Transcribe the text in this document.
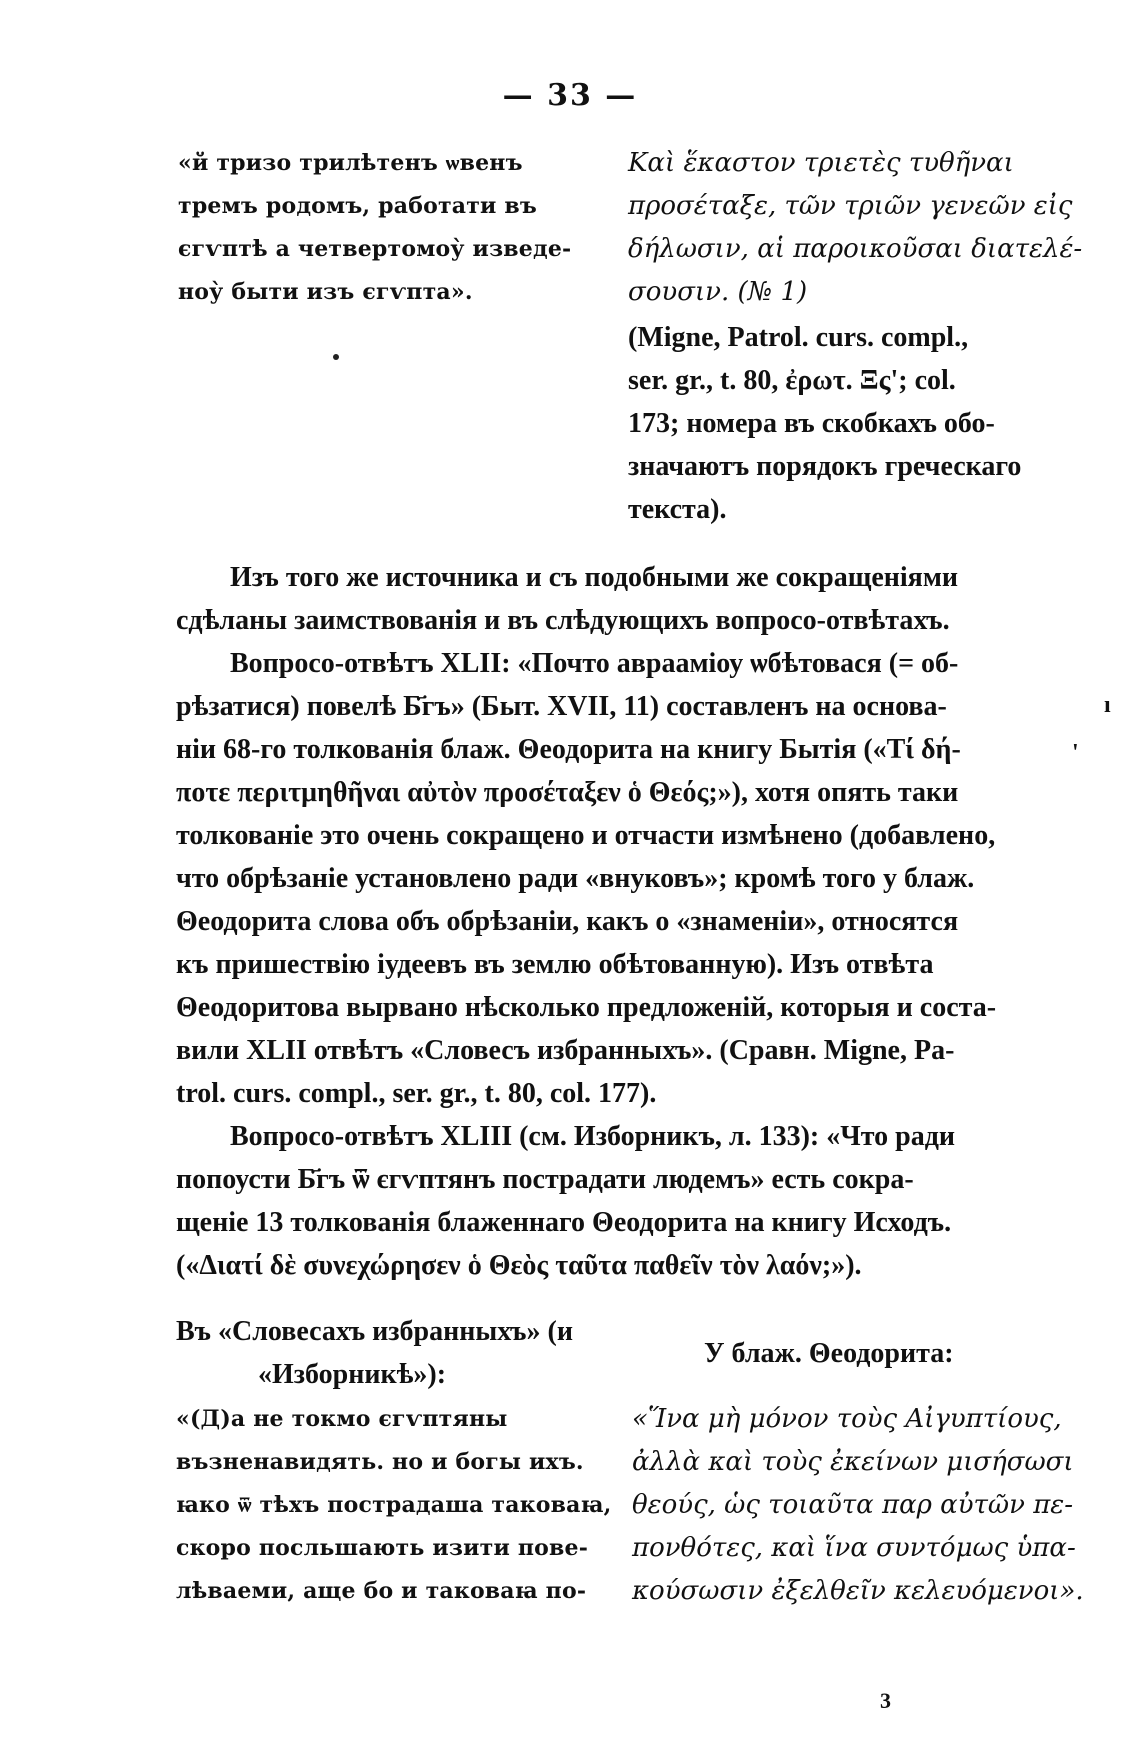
— 33 —
«й тризо трилѣтенъ ѡвенъ
тремъ родомъ, работати въ
єгѵптѣ а четвертомоу̀ изведе-
ноу̀ быти изъ єгѵпта».
Καὶ ἕκαστον τριετὲς τυθῆναι
προσέταξε, τῶν τριῶν γενεῶν εἰς
δήλωσιν, αἱ παροικοῦσαι διατελέ-
σουσιν. (№ 1)
(Migne, Patrol. curs. compl.,
ser. gr., t. 80, ἐρωτ. Ξς'; col.
173; номера въ скобкахъ обо-
значаютъ порядокъ греческаго
текста).
Изъ того же источника и съ подобными же сокращеніями
сдѣланы заимствованія и въ слѣдующихъ вопросо-отвѣтахъ.
Вопросо-отвѣтъ XLII: «Почто аврааміоу ѡбѣтовася (= об-
рѣзатися) повелѣ Б҃гъ» (Быт. XVII, 11) составленъ на основа-
ніи 68-го толкованія блаж. Θеодорита на книгу Бытія («Τί δή-
ποτε περιτμηθῆναι αὐτὸν προσέταξεν ὁ Θεός;»), хотя опять таки
толкованіе это очень сокращено и отчасти измѣнено (добавлено,
что обрѣзаніе установлено ради «внуковъ»; кромѣ того у блаж.
Θеодорита слова объ обрѣзаніи, какъ о «знаменіи», относятся
къ пришествію іудеевъ въ землю обѣтованную). Изъ отвѣта
Θеодоритова вырвано нѣсколько предложеній, которыя и соста-
вили XLII отвѣтъ «Словесъ избранныхъ». (Сравн. Migne, Pa-
trol. curs. compl., ser. gr., t. 80, col. 177).
Вопросо-отвѣтъ XLIII (см. Изборникъ, л. 133): «Что ради
попоусти Б҃гъ ѿ єгѵптянъ пострадати людемъ» есть сокра-
щеніе 13 толкованія блаженнаго Θеодорита на книгу Исходъ.
(«Διατί δὲ συνεχώρησεν ὁ Θεὸς ταῦτα παθεῖν τὸν λαόν;»).
ı
'
Въ «Словесахъ избранныхъ» (и
«Изборникѣ»):
У блаж. Θеодорита:
«(Д)а не токмо єгѵптяны
възненавидять. но и богы ихъ.
ꙗко ѿ тѣхъ пострадаша таковаꙗ,
скоро посльшають изити пове-
лѣваеми, аще бо и таковаꙗ по-
«Ἵνα μὴ μόνον τοὺς Αἰγυπτίους,
ἀλλὰ καὶ τοὺς ἐκείνων μισήσωσι
θεούς, ὡς τοιαῦτα παρ αὐτῶν πε-
πονθότες, καὶ ἵνα συντόμως ὑπα-
κούσωσιν ἐξελθεῖν κελευόμενοι».
3
